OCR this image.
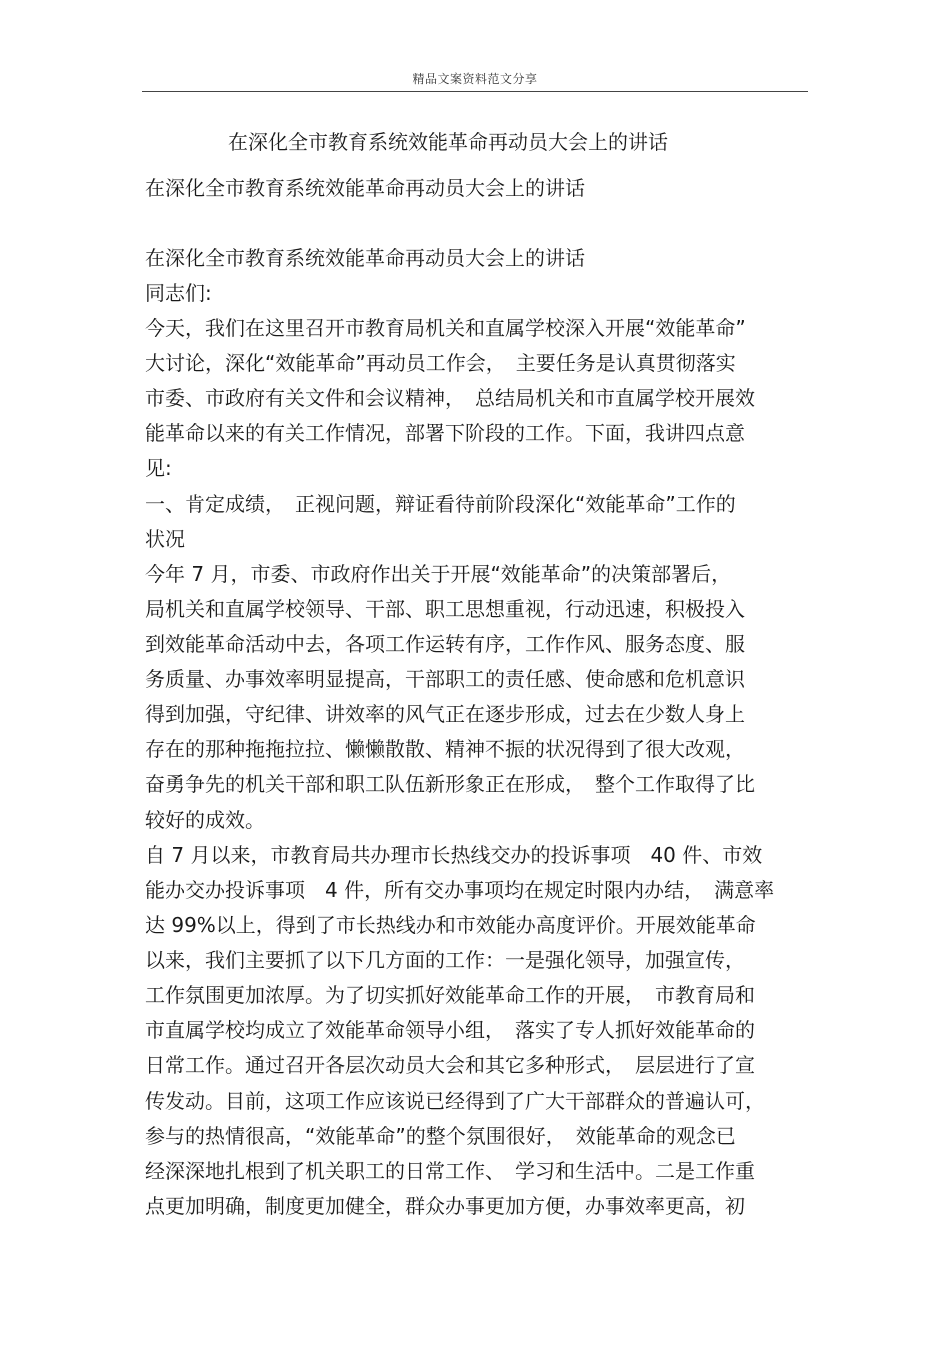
精品文案资料范文分享
在深化全市教育系统效能革命再动员大会上的讲话
在深化全市教育系统效能革命再动员大会上的讲话
在深化全市教育系统效能革命再动员大会上的讲话
同志们:
今天，我们在这里召开市教育局机关和直属学校深入开展“效能革命”
大讨论，深化“效能革命”再动员工作会，　主要任务是认真贯彻落实
市委、市政府有关文件和会议精神，　总结局机关和市直属学校开展效
能革命以来的有关工作情况，部署下阶段的工作。下面，我讲四点意
见:
一、肯定成绩，　正视问题，辩证看待前阶段深化“效能革命”工作的
状况
今年 7 月，市委、市政府作出关于开展“效能革命”的决策部署后，
局机关和直属学校领导、干部、职工思想重视，行动迅速，积极投入
到效能革命活动中去，各项工作运转有序，工作作风、服务态度、服
务质量、办事效率明显提高，干部职工的责任感、使命感和危机意识
得到加强，守纪律、讲效率的风气正在逐步形成，过去在少数人身上
存在的那种拖拖拉拉、懒懒散散、精神不振的状况得到了很大改观，
奋勇争先的机关干部和职工队伍新形象正在形成，　整个工作取得了比
较好的成效。
自 7 月以来，市教育局共办理市长热线交办的投诉事项　40 件、市效
能办交办投诉事项　4 件，所有交办事项均在规定时限内办结，　满意率
达 99%以上，得到了市长热线办和市效能办高度评价。开展效能革命
以来，我们主要抓了以下几方面的工作：一是强化领导，加强宣传，
工作氛围更加浓厚。为了切实抓好效能革命工作的开展，　市教育局和
市直属学校均成立了效能革命领导小组，　落实了专人抓好效能革命的
日常工作。通过召开各层次动员大会和其它多种形式，　层层进行了宣
传发动。目前，这项工作应该说已经得到了广大干部群众的普遍认可，
参与的热情很高，“效能革命”的整个氛围很好，　效能革命的观念已
经深深地扎根到了机关职工的日常工作、　学习和生活中。二是工作重
点更加明确，制度更加健全，群众办事更加方便，办事效率更高，初
